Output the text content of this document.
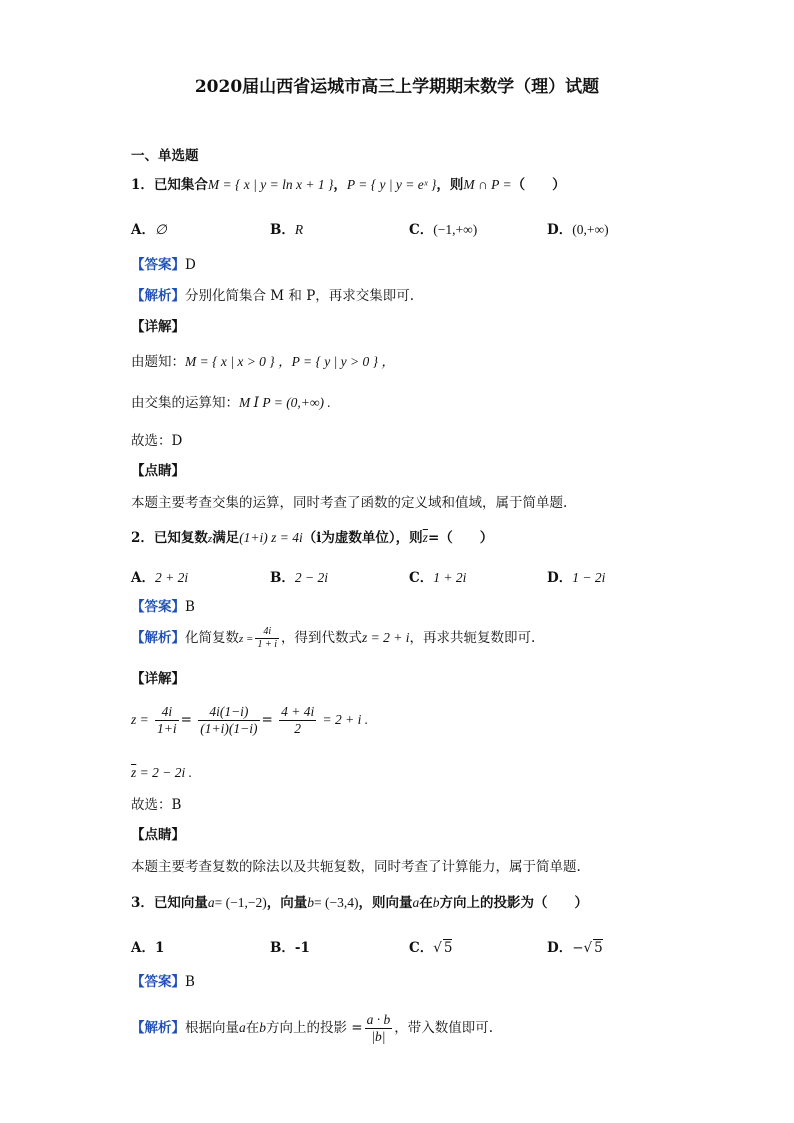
2020届山西省运城市高三上学期期末数学（理）试题
一、单选题
1．已知集合M = { x | y = ln x + 1 }，P = { y | y = eˣ }，则M ∩ P =（　　）
A．∅	B．R	C．(−1,+∞)	D．(0,+∞)
【答案】D
【解析】分别化简集合 M 和 P，再求交集即可.
【详解】
由题知：M = { x | x > 0 } ，P = { y | y > 0 } ，
由交集的运算知：M Ⅰ P = (0,+∞) .
故选：D
【点睛】
本题主要考查交集的运算，同时考查了函数的定义域和值域，属于简单题.
2．已知复数z满足(1+i) z = 4i（i为虚数单位），则$\overline{z}=$（　　）
A．2 + 2i	B．2 − 2i	C．1 + 2i	D．1 − 2i
【答案】B
【解析】化简复数$z = \frac{4i}{1 + i}$ ，得到代数式z = 2 + i，再求共轭复数即可.
【详解】
$z = \frac{4i}{1+i} = \frac{4i(1-i)}{(1+i)(1-i)} = \frac{4 + 4i}{2} = 2 + i$ .
$\overline{z} = 2 - 2i$ .
故选：B
【点睛】
本题主要考查复数的除法以及共轭复数，同时考查了计算能力，属于简单题.
3．已知向量a= (−1,−2)，向量b= (−3,4)，则向量a在b方向上的投影为（　　）
A．1	B．-1	C．√ 5	D．−√ 5
【答案】B
【解析】根据向量a在b方向上的投影 = $\frac{a \cdot b}{|b|}$ ，带入数值即可.
